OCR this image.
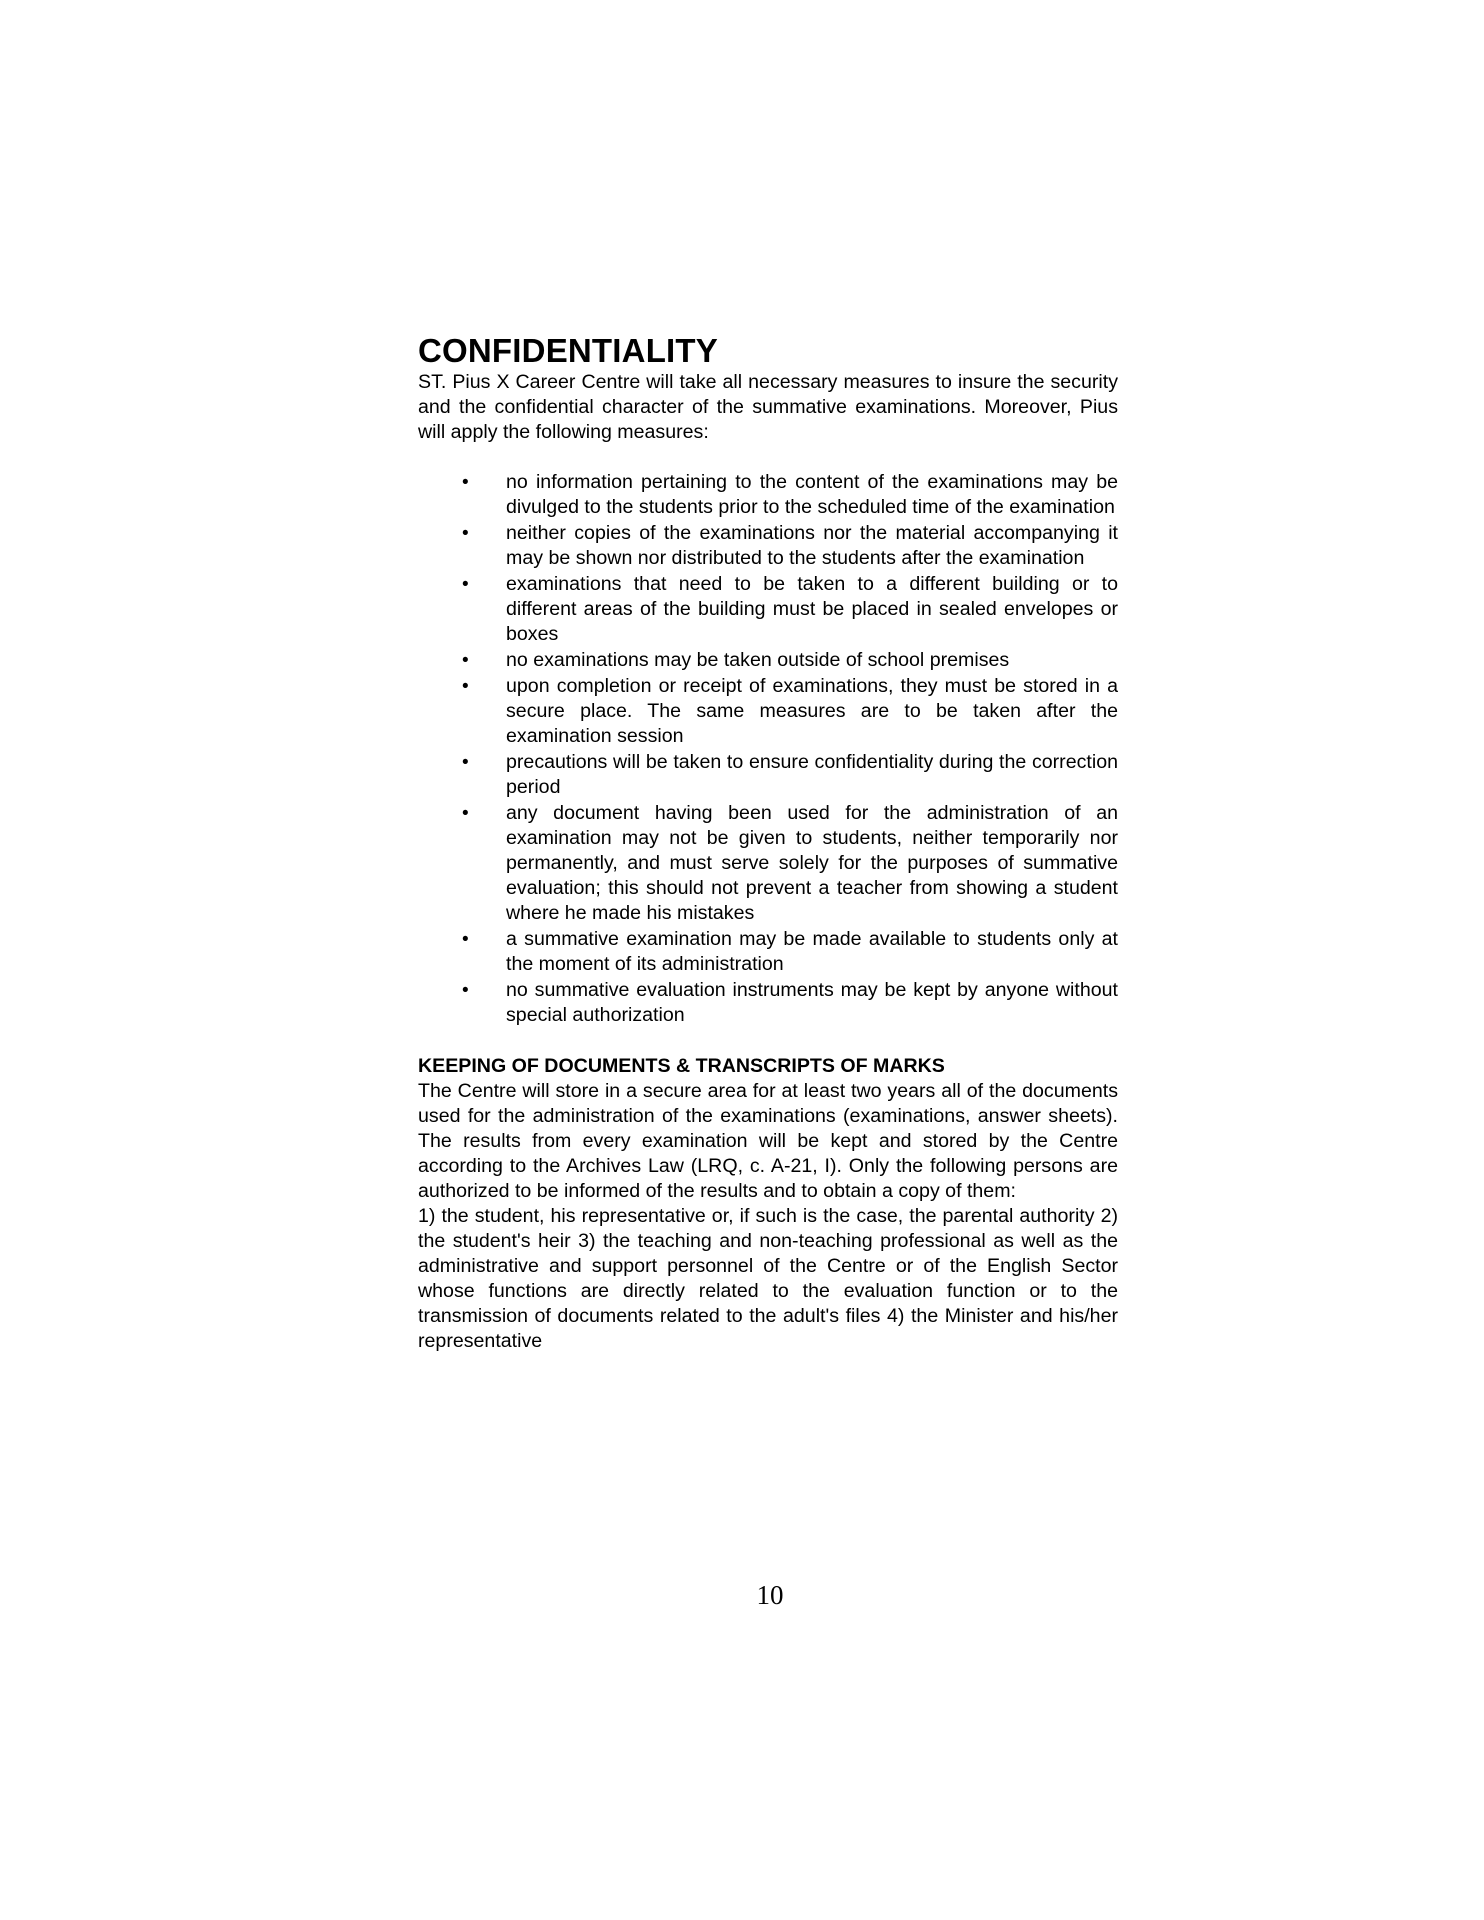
CONFIDENTIALITY

ST. Pius X Career Centre will take all necessary measures to insure the security and the confidential character of the summative examinations. Moreover, Pius will apply the following measures:

• no information pertaining to the content of the examinations may be divulged to the students prior to the scheduled time of the examination
• neither copies of the examinations nor the material accompanying it may be shown nor distributed to the students after the examination
• examinations that need to be taken to a different building or to different areas of the building must be placed in sealed envelopes or boxes
• no examinations may be taken outside of school premises
• upon completion or receipt of examinations, they must be stored in a secure place. The same measures are to be taken after the examination session
• precautions will be taken to ensure confidentiality during the correction period
• any document having been used for the administration of an examination may not be given to students, neither temporarily nor permanently, and must serve solely for the purposes of summative evaluation; this should not prevent a teacher from showing a student where he made his mistakes
• a summative examination may be made available to students only at the moment of its administration
• no summative evaluation instruments may be kept by anyone without special authorization
KEEPING OF DOCUMENTS & TRANSCRIPTS OF MARKS

The Centre will store in a secure area for at least two years all of the documents used for the administration of the examinations (examinations, answer sheets). The results from every examination will be kept and stored by the Centre according to the Archives Law (LRQ, c. A-21, I). Only the following persons are authorized to be informed of the results and to obtain a copy of them:

1) the student, his representative or, if such is the case, the parental authority 2) the student's heir 3) the teaching and non-teaching professional as well as the administrative and support personnel of the Centre or of the English Sector whose functions are directly related to the evaluation function or to the transmission of documents related to the adult's files 4) the Minister and his/her representative

10
